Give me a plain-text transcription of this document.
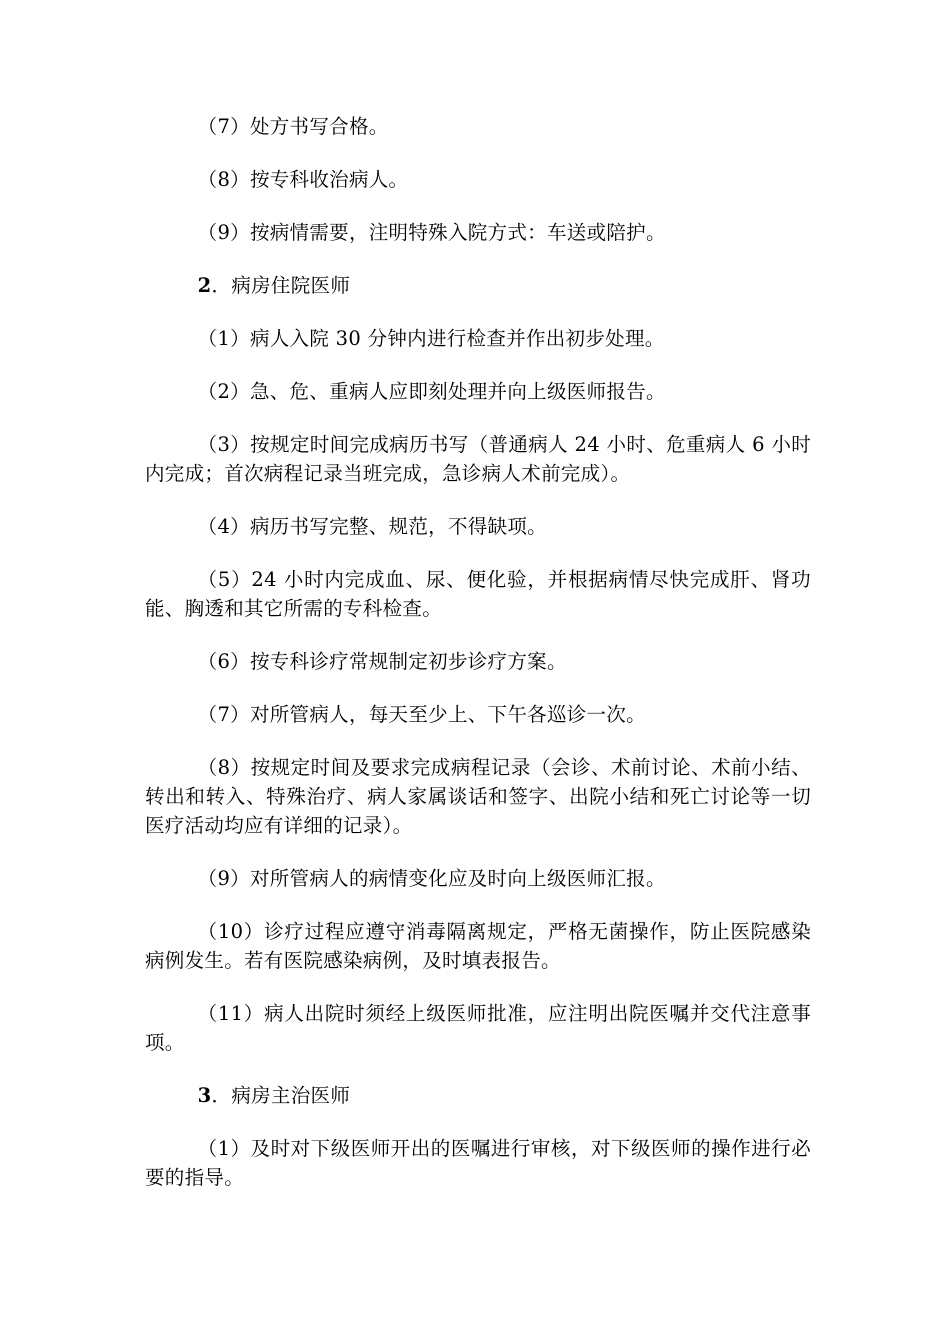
（7）处方书写合格。

（8）按专科收治病人。

（9）按病情需要，注明特殊入院方式：车送或陪护。

2．病房住院医师

（1）病人入院 30 分钟内进行检查并作出初步处理。

（2）急、危、重病人应即刻处理并向上级医师报告。

（3）按规定时间完成病历书写（普通病人 24 小时、危重病人 6 小时内完成；首次病程记录当班完成，急诊病人术前完成）。

（4）病历书写完整、规范，不得缺项。

（5）24 小时内完成血、尿、便化验，并根据病情尽快完成肝、肾功能、胸透和其它所需的专科检查。

（6）按专科诊疗常规制定初步诊疗方案。

（7）对所管病人，每天至少上、下午各巡诊一次。

（8）按规定时间及要求完成病程记录（会诊、术前讨论、术前小结、转出和转入、特殊治疗、病人家属谈话和签字、出院小结和死亡讨论等一切医疗活动均应有详细的记录）。

（9）对所管病人的病情变化应及时向上级医师汇报。

（10）诊疗过程应遵守消毒隔离规定，严格无菌操作，防止医院感染病例发生。若有医院感染病例，及时填表报告。

（11）病人出院时须经上级医师批准，应注明出院医嘱并交代注意事项。

3．病房主治医师

（1）及时对下级医师开出的医嘱进行审核，对下级医师的操作进行必要的指导。
